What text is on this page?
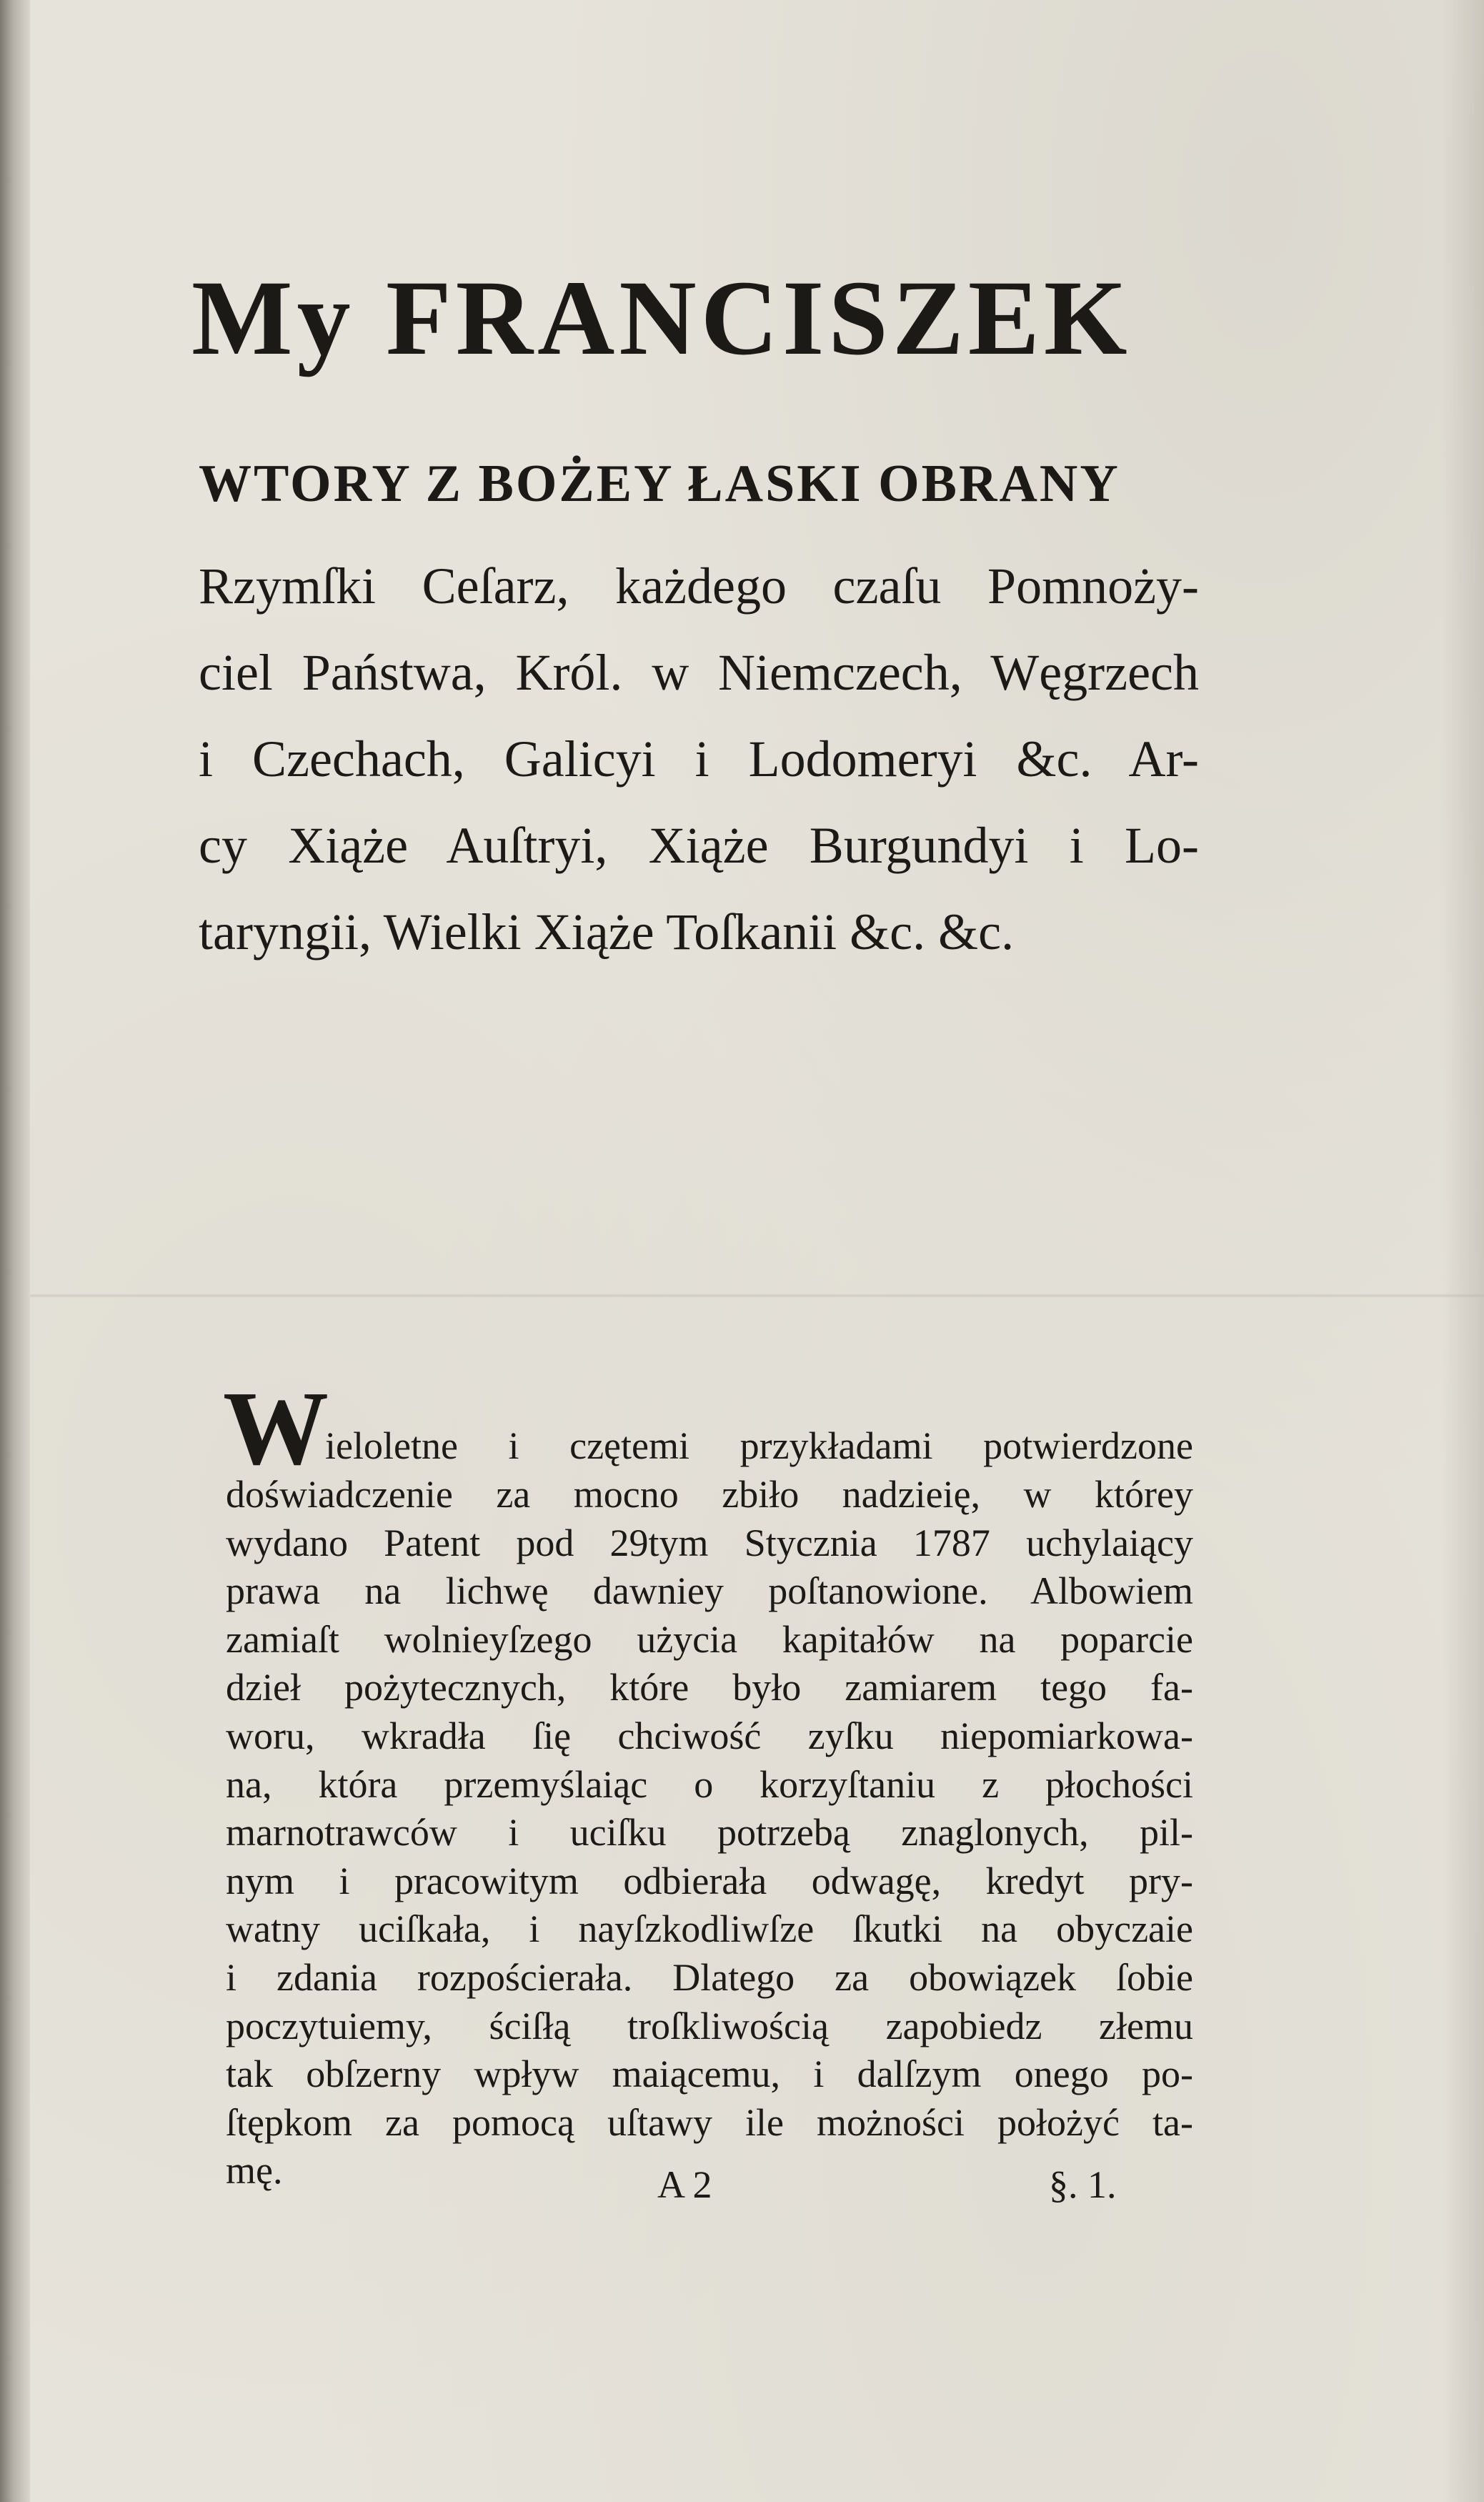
My FRANCISZEK
WTORY Z BOŻEY ŁASKI OBRANY
Rzymſki Ceſarz, każdego czaſu Pomnoży-
ciel Państwa, Król. w Niemczech, Węgrzech
i Czechach, Galicyi i Lodomeryi &c. Ar-
cy Xiąże Auſtryi, Xiąże Burgundyi i Lo-
taryngii, Wielki Xiąże Toſkanii &c. &c.
W
ieloletne i czętemi przykładami potwierdzone
doświadczenie za mocno zbiło nadzieię, w którey
wydano Patent pod 29tym Stycznia 1787 uchylaiący
prawa na lichwę dawniey poſtanowione. Albowiem
zamiaſt wolnieyſzego użycia kapitałów na poparcie
dzieł pożytecznych, które było zamiarem tego fa-
woru, wkradła ſię chciwość zyſku niepomiarkowa-
na, która przemyślaiąc o korzyſtaniu z płochości
marnotrawców i uciſku potrzebą znaglonych, pil-
nym i pracowitym odbierała odwagę, kredyt pry-
watny uciſkała, i nayſzkodliwſze ſkutki na obyczaie
i zdania rozpościerała. Dlatego za obowiązek ſobie
poczytuiemy, ściſłą troſkliwością zapobiedz złemu
tak obſzerny wpływ maiącemu, i dalſzym onego po-
ſtępkom za pomocą uſtawy ile możności położyć ta-
mę.	A 2	§. 1.
